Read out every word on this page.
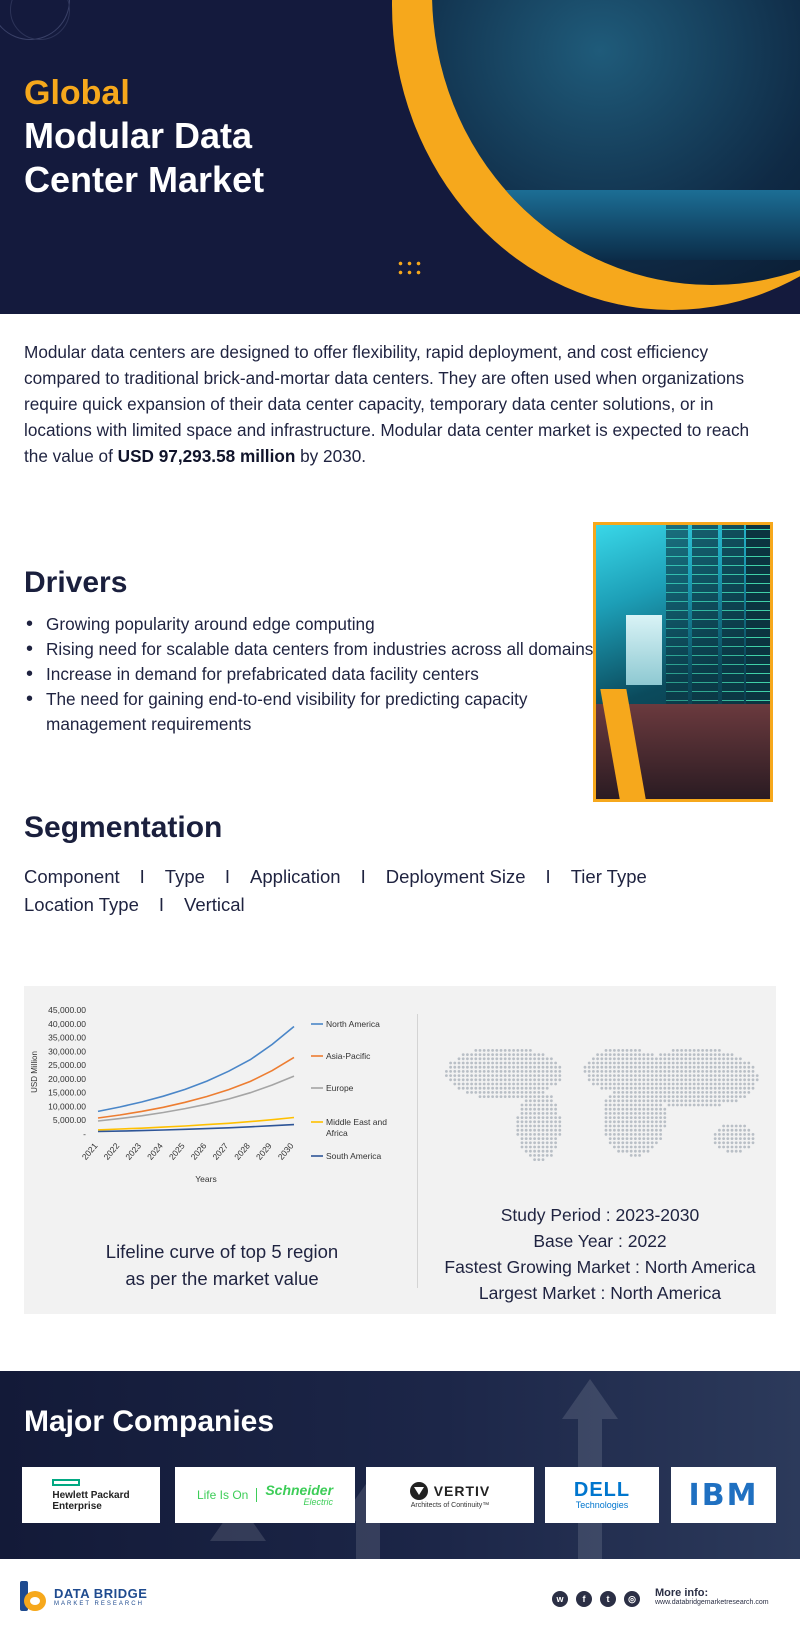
Global
Modular Data
Center Market

Modular data centers are designed to offer flexibility, rapid deployment, and cost efficiency compared to traditional brick-and-mortar data centers. They are often used when organizations require quick expansion of their data center capacity, temporary data center solutions, or in locations with limited space and infrastructure. Modular data center market is expected to reach the value of USD 97,293.58 million by 2030.

Drivers
• Growing popularity around edge computing
• Rising need for scalable data centers from industries across all domains
• Increase in demand for prefabricated data facility centers
• The need for gaining end-to-end visibility for predicting capacity management requirements
Segmentation
Component I Type I Application I Deployment Size I Tier Type
Location Type I Vertical
-
5,000.00
10,000.00
15,000.00
20,000.00
25,000.00
30,000.00
35,000.00
40,000.00
45,000.00
USD Million
2021 2022 2023 2024 2025 2026 2027 2028 2029 2030
Years
North America
Asia-Pacific
Europe
Middle East and
Africa
South America
Lifeline curve of top 5 region
as per the market value
Study Period : 2023-2030
Base Year : 2022
Fastest Growing Market : North America
Largest Market : North America
Major Companies
Hewlett Packard
Enterprise
Life Is On	Schneider
Electric
VERTIV
Architects of Continuity™
DELL
Technologies IBM
DATA BRIDGE
MARKET RESEARCH	w	f	t	◎	More info:
www.databridgemarketresearch.com
